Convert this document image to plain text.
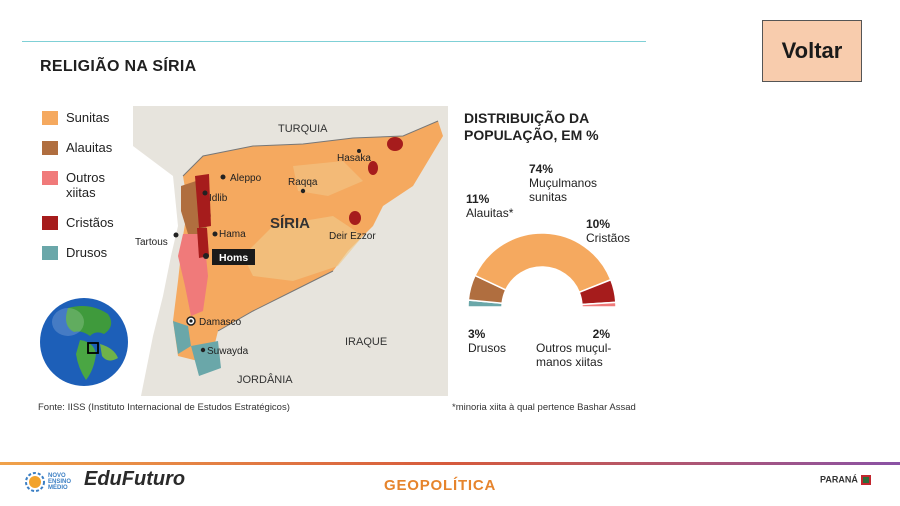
RELIGIÃO NA SÍRIA
Voltar
Sunitas
Alauitas
Outros xiitas
Cristãos
Drusos
TURQUIA
Hasaka
Aleppo	Raqqa
Idlib
SÍRIA
Hama	Deir Ezzor
Tartous
Homs
Damasco
IRAQUE
Suwayda
JORDÂNIA
Fonte: IISS (Instituto Internacional de Estudos Estratégicos)	*minoria xiita à qual pertence Bashar Assad
DISTRIBUIÇÃO DA POPULAÇÃO, EM %
74%
Muçulmanos sunitas
11%
Alauitas*
10%
Cristãos
3%
Drusos
2%
Outros muçul- manos xiitas
NOVO ENSINO MÉDIO EduFuturo	GEOPOLÍTICA	PARANÁ
